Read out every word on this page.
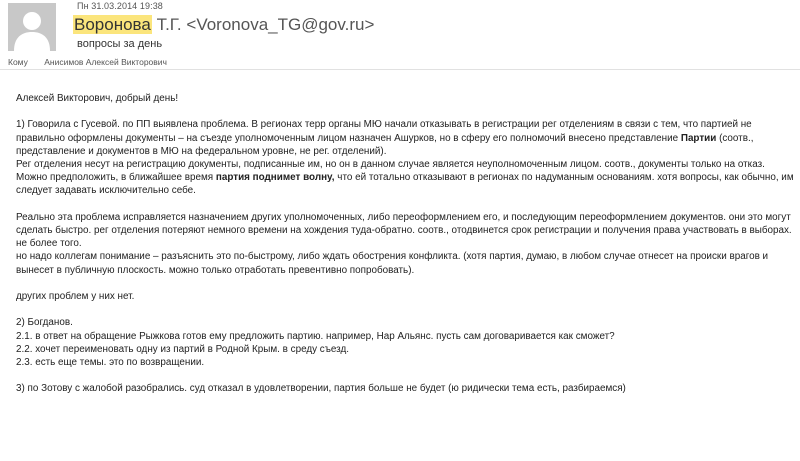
Пн 31.03.2014 19:38
Воронова Т.Г. <Voronova_TG@gov.ru>
вопросы за день
Кому Анисимов Алексей Викторович

Алексей Викторович, добрый день!

1) Говорила с Гусевой. по ПП выявлена проблема. В регионах терр органы МЮ начали отказывать в регистрации рег отделениям в связи с тем, что партией не правильно оформлены документы – на съезде уполномоченным лицом назначен Ашурков, но в сферу его полномочий внесено представление Партии (соотв., представление и документов в МЮ на федеральном уровне, не рег. отделений).

Рег отделения несут на регистрацию документы, подписанные им, но он в данном случае является неуполномоченным лицом. соотв., документы только на отказ.

Можно предположить, в ближайшее время партия поднимет волну, что ей тотально отказывают в регионах по надуманным основаниям. хотя вопросы, как обычно, им следует задавать исключительно себе.

Реально эта проблема исправляется назначением других уполномоченных, либо переоформлением его, и последующим переоформлением документов. они это могут сделать быстро. рег отделения потеряют немного времени на хождения туда-обратно. соотв., отодвинется срок регистрации и получения права участвовать в выборах. не более того.

но надо коллегам понимание – разъяснить это по-быстрому, либо ждать обострения конфликта. (хотя партия, думаю, в любом случае отнесет на происки врагов и вынесет в публичную плоскость. можно только отработать превентивно попробовать).

других проблем у них нет.

2) Богданов.

2.1. в ответ на обращение Рыжкова готов ему предложить партию. например, Нар Альянс. пусть сам договаривается как сможет?

2.2. хочет переименовать одну из партий в Родной Крым. в среду съезд.

2.3. есть еще темы. это по возвращении.

3) по Зотову с жалобой разобрались. суд отказал в удовлетворении, партия больше не будет (ю ридически тема есть, разбираемся)
